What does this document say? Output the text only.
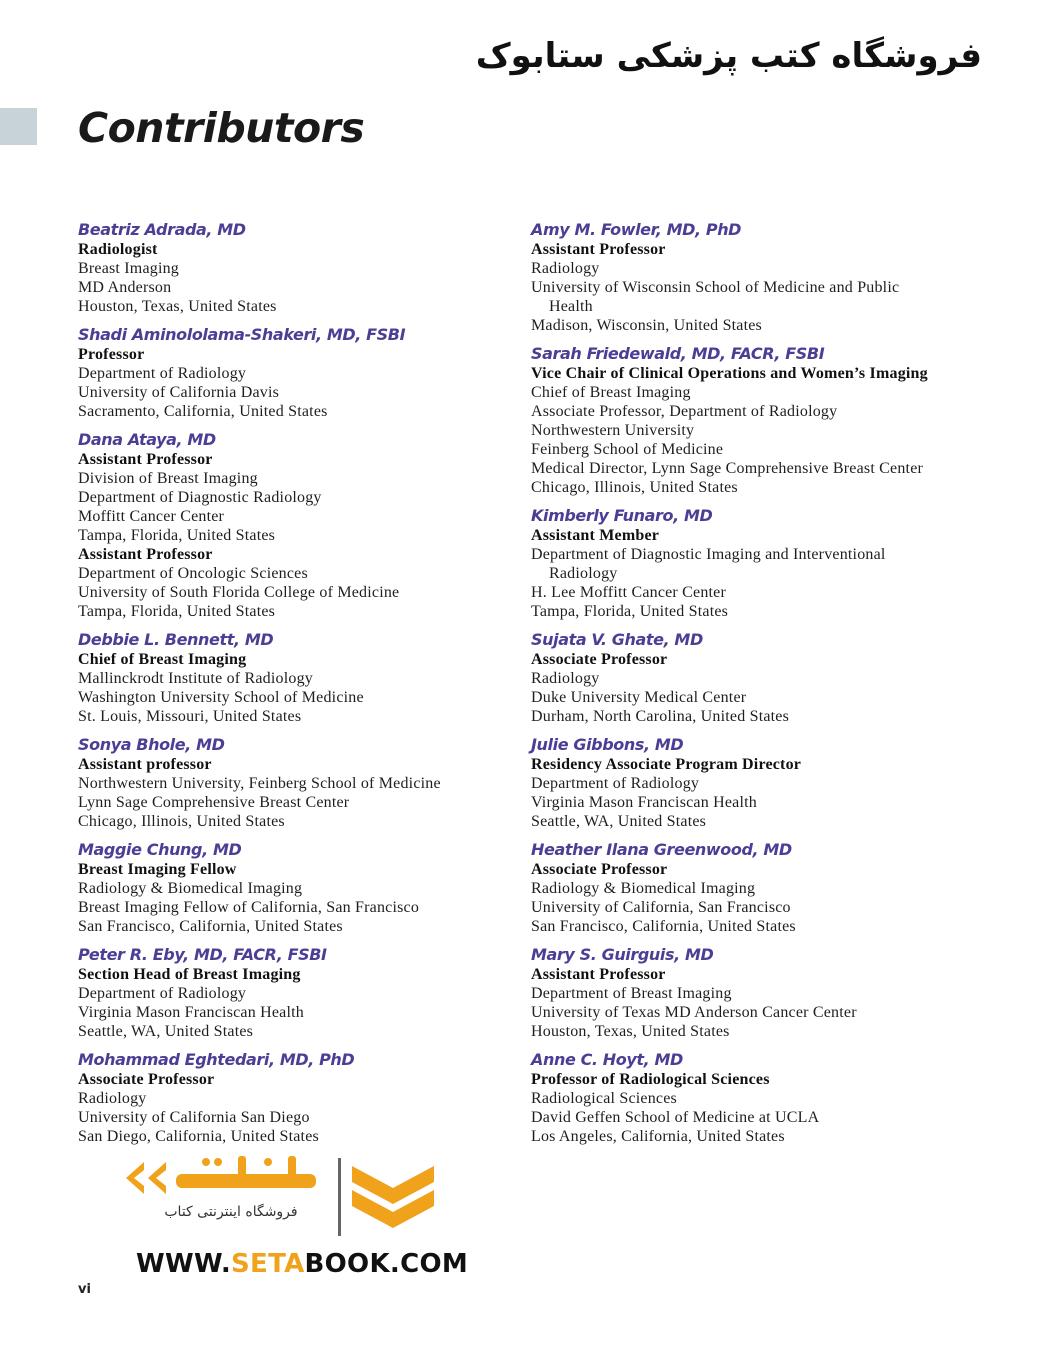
فروشگاه کتب پزشکی ستابوک
Contributors
Beatriz Adrada, MD
Radiologist
Breast Imaging
MD Anderson
Houston, Texas, United States
Shadi Aminololama-Shakeri, MD, FSBI
Professor
Department of Radiology
University of California Davis
Sacramento, California, United States
Dana Ataya, MD
Assistant Professor
Division of Breast Imaging
Department of Diagnostic Radiology
Moffitt Cancer Center
Tampa, Florida, United States
Assistant Professor
Department of Oncologic Sciences
University of South Florida College of Medicine
Tampa, Florida, United States
Debbie L. Bennett, MD
Chief of Breast Imaging
Mallinckrodt Institute of Radiology
Washington University School of Medicine
St. Louis, Missouri, United States
Sonya Bhole, MD
Assistant professor
Northwestern University, Feinberg School of Medicine
Lynn Sage Comprehensive Breast Center
Chicago, Illinois, United States
Maggie Chung, MD
Breast Imaging Fellow
Radiology & Biomedical Imaging
Breast Imaging Fellow of California, San Francisco
San Francisco, California, United States
Peter R. Eby, MD, FACR, FSBI
Section Head of Breast Imaging
Department of Radiology
Virginia Mason Franciscan Health
Seattle, WA, United States
Mohammad Eghtedari, MD, PhD
Associate Professor
Radiology
University of California San Diego
San Diego, California, United States
Amy M. Fowler, MD, PhD
Assistant Professor
Radiology
University of Wisconsin School of Medicine and Public
Health
Madison, Wisconsin, United States
Sarah Friedewald, MD, FACR, FSBI
Vice Chair of Clinical Operations and Women’s Imaging
Chief of Breast Imaging
Associate Professor, Department of Radiology
Northwestern University
Feinberg School of Medicine
Medical Director, Lynn Sage Comprehensive Breast Center
Chicago, Illinois, United States
Kimberly Funaro, MD
Assistant Member
Department of Diagnostic Imaging and Interventional
Radiology
H. Lee Moffitt Cancer Center
Tampa, Florida, United States
Sujata V. Ghate, MD
Associate Professor
Radiology
Duke University Medical Center
Durham, North Carolina, United States
Julie Gibbons, MD
Residency Associate Program Director
Department of Radiology
Virginia Mason Franciscan Health
Seattle, WA, United States
Heather Ilana Greenwood, MD
Associate Professor
Radiology & Biomedical Imaging
University of California, San Francisco
San Francisco, California, United States
Mary S. Guirguis, MD
Assistant Professor
Department of Breast Imaging
University of Texas MD Anderson Cancer Center
Houston, Texas, United States
Anne C. Hoyt, MD
Professor of Radiological Sciences
Radiological Sciences
David Geffen School of Medicine at UCLA
Los Angeles, California, United States
فروشگاه اینترنتی کتاب
WWW.SETABOOK.COM
vi
